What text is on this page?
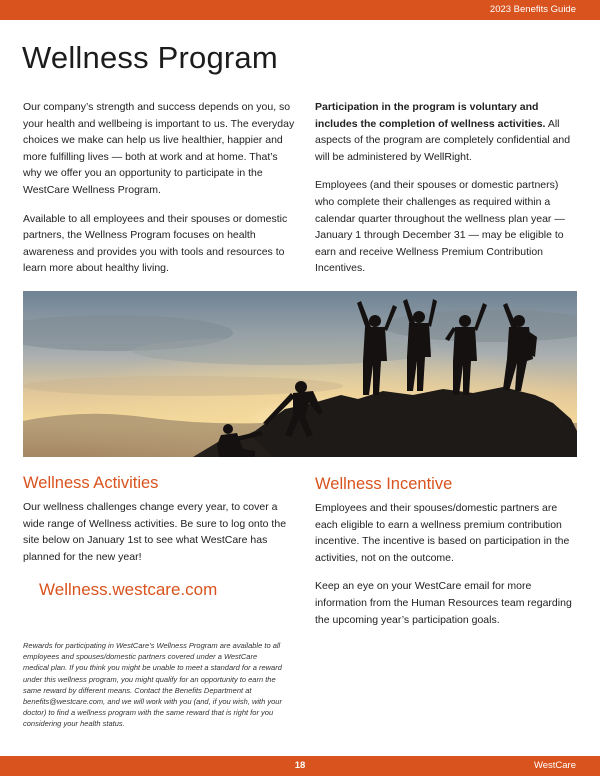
2023 Benefits Guide
Wellness Program

Our company’s strength and success depends on you, so your health and wellbeing is important to us. The everyday choices we make can help us live healthier, happier and more fulfilling lives — both at work and at home. That’s why we offer you an opportunity to participate in the WestCare Wellness Program.

Available to all employees and their spouses or domestic partners, the Wellness Program focuses on health awareness and provides you with tools and resources to learn more about healthy living.

Participation in the program is voluntary and includes the completion of wellness activities. All aspects of the program are completely confidential and will be administered by WellRight.

Employees (and their spouses or domestic partners) who complete their challenges as required within a calendar quarter throughout the wellness plan year — January 1 through December 31 — may be eligible to earn and receive Wellness Premium Contribution Incentives.

Wellness Activities

Our wellness challenges change every year, to cover a wide range of Wellness activities. Be sure to log onto the site below on January 1st to see what WestCare has planned for the new year!

Wellness.westcare.com
Wellness Incentive

Employees and their spouses/domestic partners are each eligible to earn a wellness premium contribution incentive. The incentive is based on participation in the activities, not on the outcome.

Keep an eye on your WestCare email for more information from the Human Resources team regarding the upcoming year’s participation goals.

Rewards for participating in WestCare’s Wellness Program are available to all employees and spouses/domestic partners covered under a WestCare medical plan. If you think you might be unable to meet a standard for a reward under this wellness program, you might qualify for an opportunity to earn the same reward by different means. Contact the Benefits Department at benefits@westcare.com, and we will work with you (and, if you wish, with your doctor) to find a wellness program with the same reward that is right for you considering your health status.
18	WestCare
